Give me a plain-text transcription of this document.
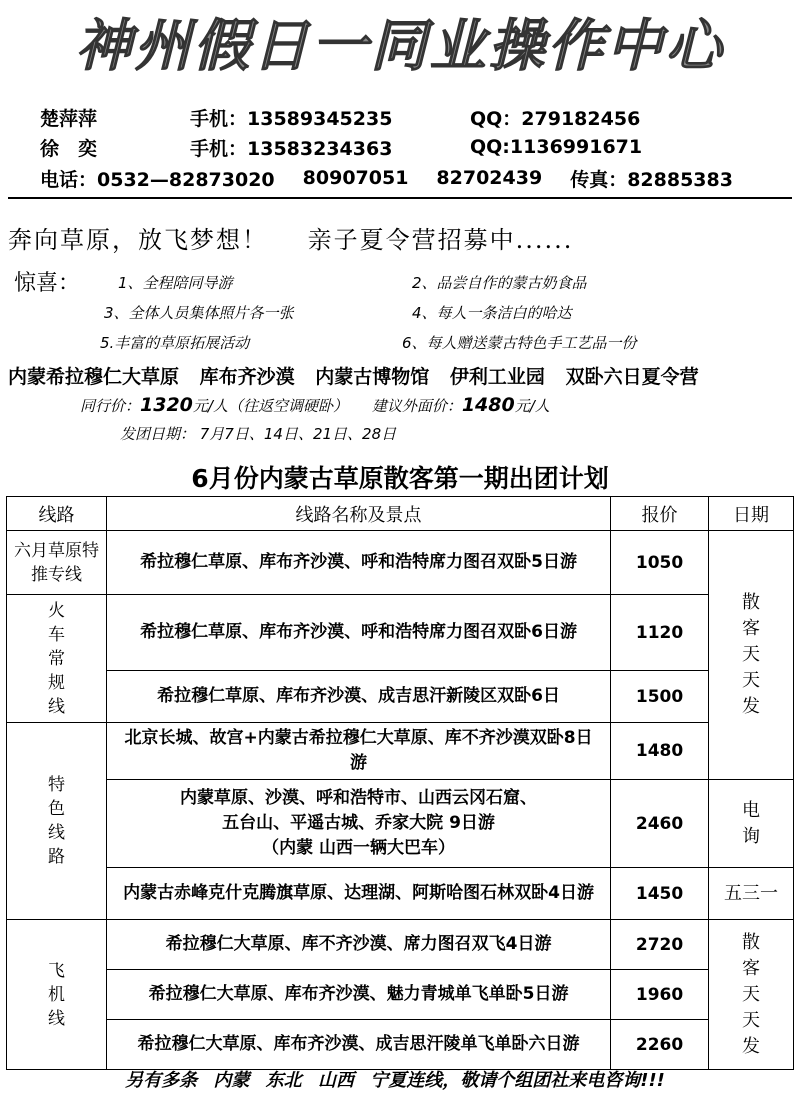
神州假日一同业操作中心
楚萍萍	手机：13589345235	QQ：279182456
徐　奕	手机：13583234363	QQ:1136991671
电话：0532—82873020 80907051 82702439 传真：82885383
奔向草原，放飞梦想！ 亲子夏令营招募中......
惊喜：	1、全程陪同导游	2、品尝自作的蒙古奶食品
3、全体人员集体照片各一张	4、每人一条洁白的哈达
5.丰富的草原拓展活动	6、每人赠送蒙古特色手工艺品一份
内蒙希拉穆仁大草原 库布齐沙漠 内蒙古博物馆 伊利工业园 双卧六日夏令营
同行价：1320元/人（往返空调硬卧） 建议外面价：1480元/人
发团日期： 7月7日、14日、21日、28日
6月份内蒙古草原散客第一期出团计划
线路	线路名称及景点	报价	日期
六月草原特推专线	希拉穆仁草原、库布齐沙漠、呼和浩特席力图召双卧5日游	1050	散客天天发
火车常规线	希拉穆仁草原、库布齐沙漠、呼和浩特席力图召双卧6日游	1120	
	希拉穆仁草原、库布齐沙漠、成吉思汗新陵区双卧6日	1500	
特色线路	北京长城、故宫+内蒙古希拉穆仁大草原、库不齐沙漠双卧8日游	1480	

	内蒙草原、沙漠、呼和浩特市、山西云冈石窟、
五台山、平遥古城、乔家大院 9日游
（内蒙 山西一辆大巴车）	2460	电询
	内蒙古赤峰克什克腾旗草原、达理湖、阿斯哈图石林双卧4日游	1450	五三一
飞机线	希拉穆仁大草原、库不齐沙漠、席力图召双飞4日游	2720	散客天天发
	希拉穆仁大草原、库布齐沙漠、魅力青城单飞单卧5日游	1960	
	希拉穆仁大草原、库布齐沙漠、成吉思汗陵单飞单卧六日游	2260	
另有多条 内蒙 东北 山西 宁夏连线，敬请个组团社来电咨询!!!
